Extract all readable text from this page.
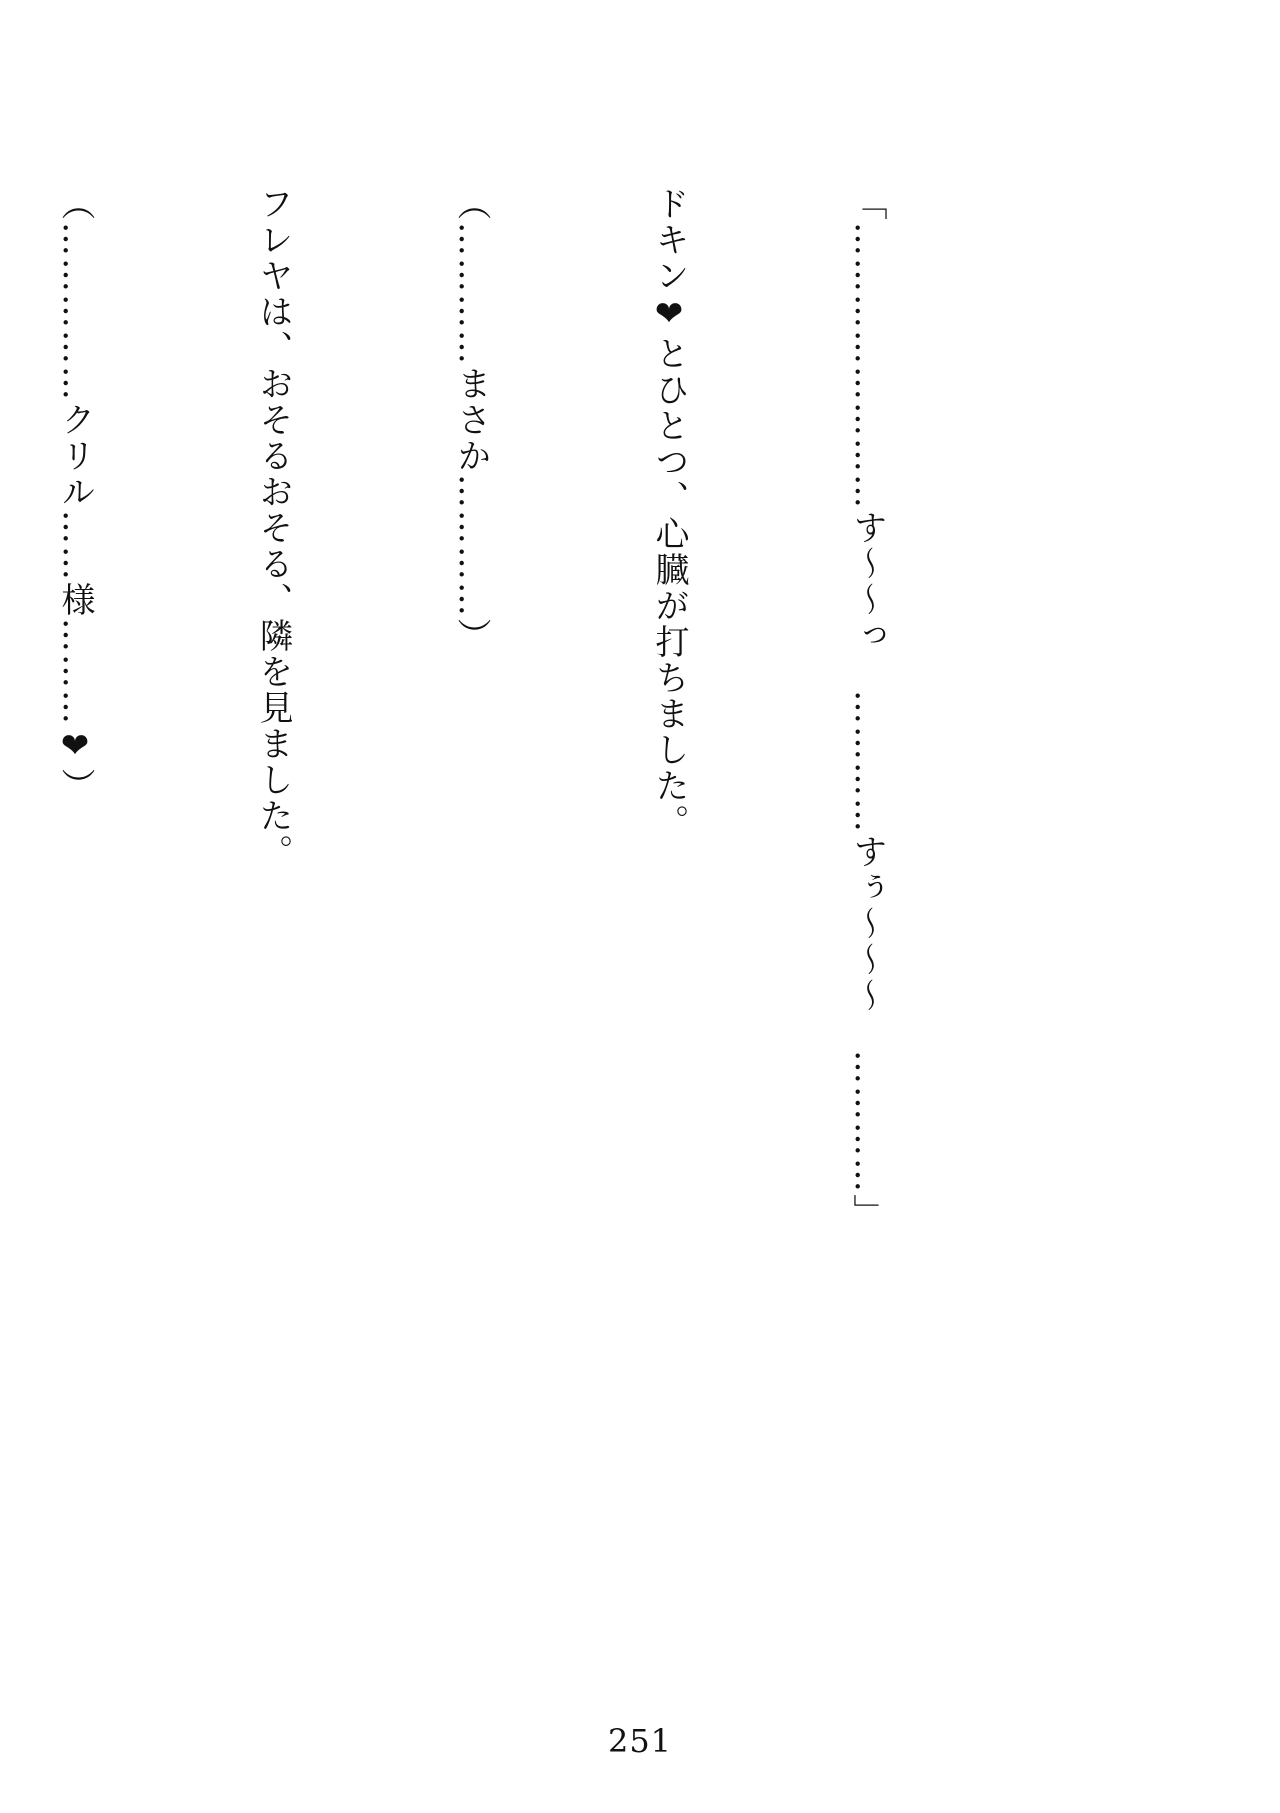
「……………………す〜〜っ　…………すぅ〜〜〜　…………」

ドキン❤とひとつ、心臓が打ちました。

（…………まさか…………）

フレヤは、おそるおそる、隣を見ました。

（……………クリル……様………❤）

251
